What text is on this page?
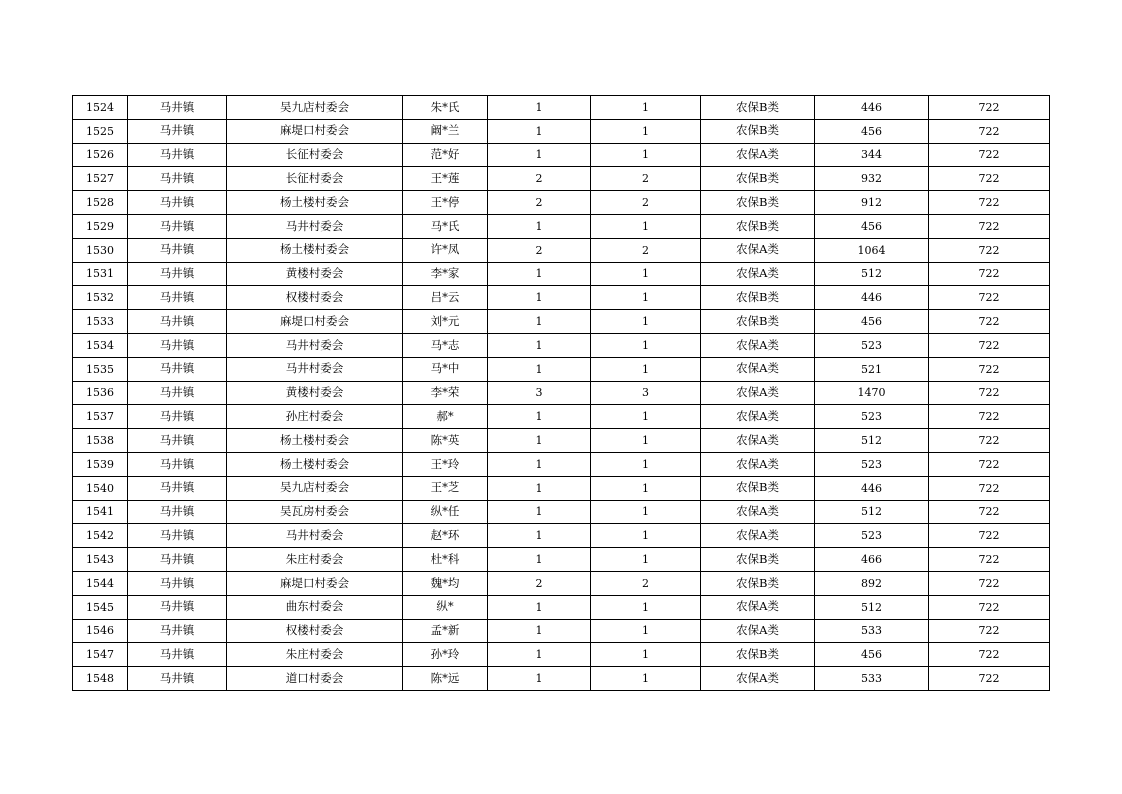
1524	马井镇	吴九店村委会	朱*氏	1	1	农保B类	446	722
1525	马井镇	麻堤口村委会	阚*兰	1	1	农保B类	456	722
1526	马井镇	长征村委会	范*好	1	1	农保A类	344	722
1527	马井镇	长征村委会	王*莲	2	2	农保B类	932	722
1528	马井镇	杨土楼村委会	王*停	2	2	农保B类	912	722
1529	马井镇	马井村委会	马*氏	1	1	农保B类	456	722
1530	马井镇	杨土楼村委会	许*凤	2	2	农保A类	1064	722
1531	马井镇	黄楼村委会	李*家	1	1	农保A类	512	722
1532	马井镇	权楼村委会	吕*云	1	1	农保B类	446	722
1533	马井镇	麻堤口村委会	刘*元	1	1	农保B类	456	722
1534	马井镇	马井村委会	马*志	1	1	农保A类	523	722
1535	马井镇	马井村委会	马*中	1	1	农保A类	521	722
1536	马井镇	黄楼村委会	李*荣	3	3	农保A类	1470	722
1537	马井镇	孙庄村委会	郝*	1	1	农保A类	523	722
1538	马井镇	杨土楼村委会	陈*英	1	1	农保A类	512	722
1539	马井镇	杨土楼村委会	王*玲	1	1	农保A类	523	722
1540	马井镇	吴九店村委会	王*芝	1	1	农保B类	446	722
1541	马井镇	吴瓦房村委会	纵*任	1	1	农保A类	512	722
1542	马井镇	马井村委会	赵*环	1	1	农保A类	523	722
1543	马井镇	朱庄村委会	杜*科	1	1	农保B类	466	722
1544	马井镇	麻堤口村委会	魏*均	2	2	农保B类	892	722
1545	马井镇	曲东村委会	纵*	1	1	农保A类	512	722
1546	马井镇	权楼村委会	孟*新	1	1	农保A类	533	722
1547	马井镇	朱庄村委会	孙*玲	1	1	农保B类	456	722
1548	马井镇	道口村委会	陈*远	1	1	农保A类	533	722
